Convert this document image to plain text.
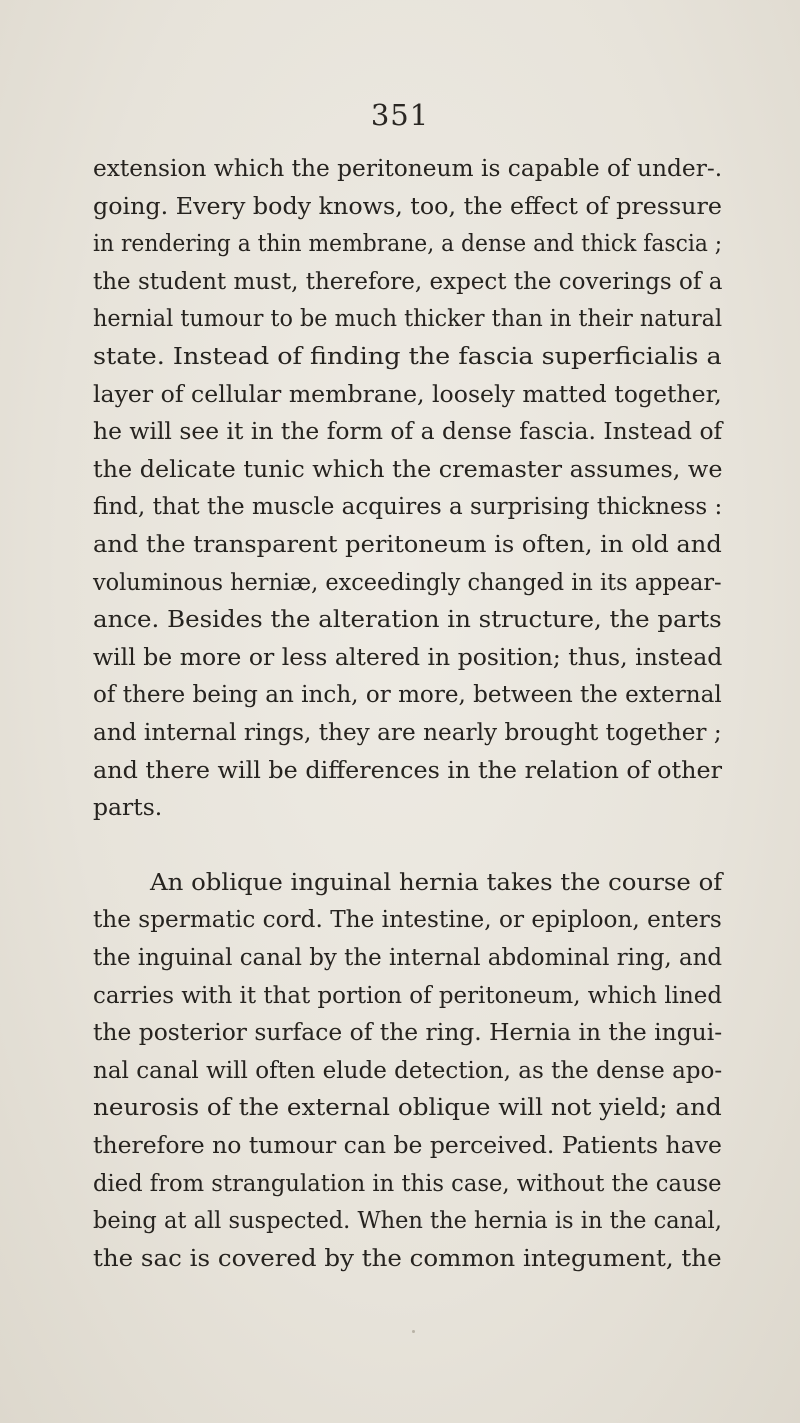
351
extension which the peritoneum is capable of under-.
going. Every body knows, too, the effect of pressure
in rendering a thin membrane, a dense and thick fascia ;
the student must, therefore, expect the coverings of a
hernial tumour to be much thicker than in their natural
state. Instead of finding the fascia superficialis a
layer of cellular membrane, loosely matted together,
he will see it in the form of a dense fascia. Instead of
the delicate tunic which the cremaster assumes, we
find, that the muscle acquires a surprising thickness :
and the transparent peritoneum is often, in old and
voluminous herniæ, exceedingly changed in its appear-
ance. Besides the alteration in structure, the parts
will be more or less altered in position; thus, instead
of there being an inch, or more, between the external
and internal rings, they are nearly brought together ;
and there will be differences in the relation of other
parts.
An oblique inguinal hernia takes the course of
the spermatic cord. The intestine, or epiploon, enters
the inguinal canal by the internal abdominal ring, and
carries with it that portion of peritoneum, which lined
the posterior surface of the ring. Hernia in the ingui-
nal canal will often elude detection, as the dense apo-
neurosis of the external oblique will not yield; and
therefore no tumour can be perceived. Patients have
died from strangulation in this case, without the cause
being at all suspected. When the hernia is in the canal,
the sac is covered by the common integument, the
